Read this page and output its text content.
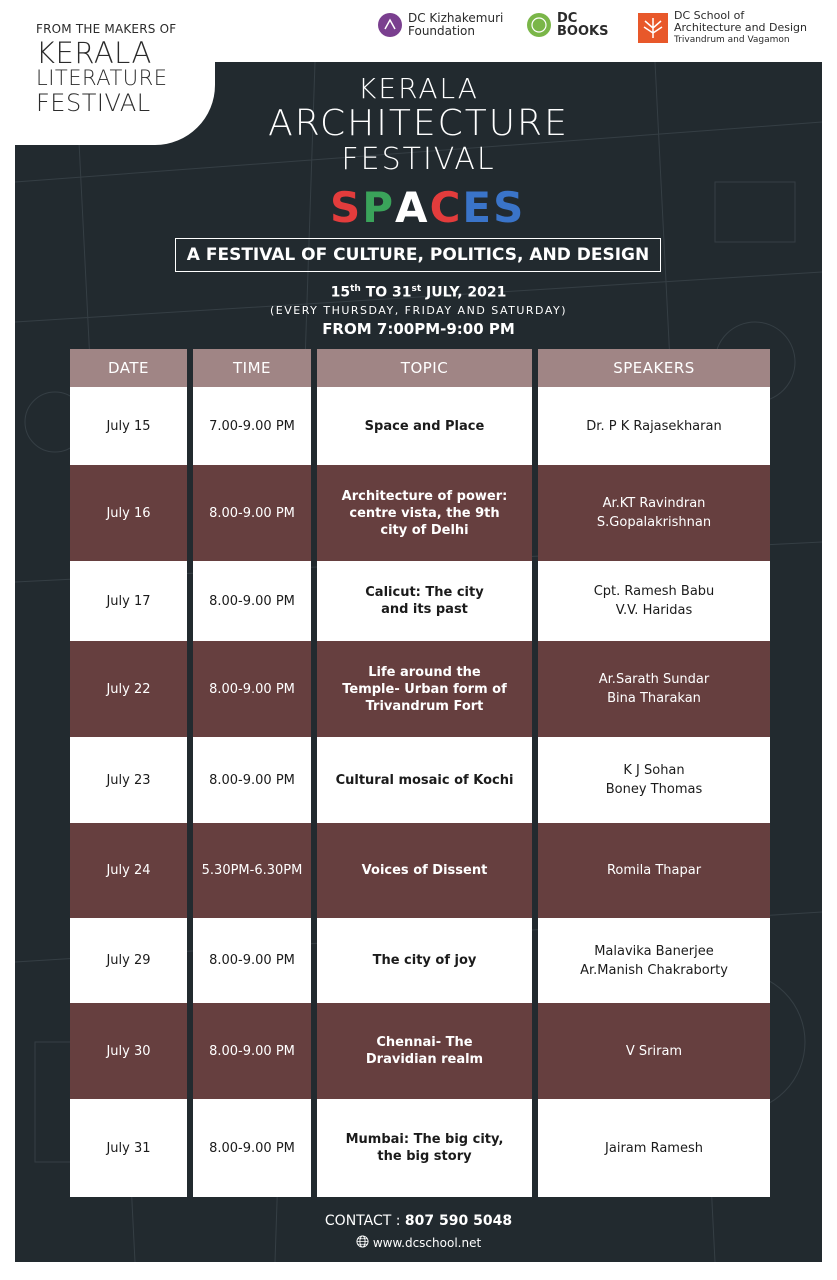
FROM THE MAKERS OF
KERALA
LITERATURE
FESTIVAL
DC Kizhakemuri
Foundation
DC
BOOKS
DC School of
Architecture and Design
Trivandrum and Vagamon
KERALA
ARCHITECTURE
FESTIVAL
S P A C E S
A FESTIVAL OF CULTURE, POLITICS, AND DESIGN
15th TO 31st JULY, 2021
(EVERY THURSDAY, FRIDAY AND SATURDAY)
FROM 7:00PM-9:00 PM
DATE	TIME	TOPIC	SPEAKERS
July 15	7.00-9.00 PM	Space and Place	Dr. P K Rajasekharan

July 16	8.00-9.00 PM	Architecture of power:
centre vista, the 9th
city of Delhi	Ar.KT Ravindran
S.Gopalakrishnan

July 17	8.00-9.00 PM	Calicut: The city
and its past	Cpt. Ramesh Babu
V.V. Haridas

July 22	8.00-9.00 PM	Life around the
Temple- Urban form of
Trivandrum Fort	Ar.Sarath Sundar
Bina Tharakan

July 23	8.00-9.00 PM	Cultural mosaic of Kochi	K J Sohan
Boney Thomas

July 24	5.30PM-6.30PM	Voices of Dissent	Romila Thapar

July 29	8.00-9.00 PM	The city of joy	Malavika Banerjee
Ar.Manish Chakraborty

July 30	8.00-9.00 PM	Chennai- The
Dravidian realm	V Sriram

July 31	8.00-9.00 PM	Mumbai: The big city,
the big story	Jairam Ramesh
CONTACT : 807 590 5048
www.dcschool.net
